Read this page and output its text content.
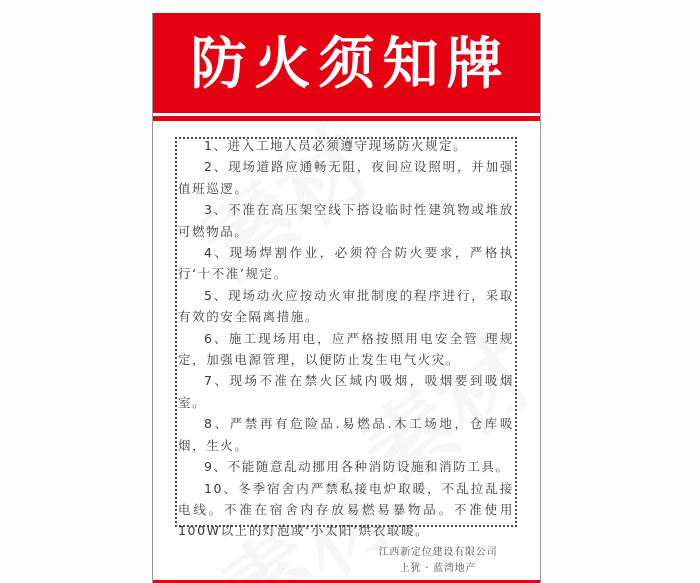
防火须知牌

1、进入工地人员必须遵守现场防火规定。

2、现场道路应通畅无阻，夜间应设照明，并加强值班巡逻。

3、不准在高压架空线下搭设临时性建筑物或堆放可燃物品。

4、现场焊割作业，必须符合防火要求，严格执行‘十不准’规定。

5、现场动火应按动火审批制度的程序进行，采取有效的安全隔离措施。

6、施工现场用电，应严格按照用电安全管 理规定，加强电源管理，以便防止发生电气火灾。

7、现场不准在禁火区域内吸烟，吸烟要到吸烟室。

8、严禁再有危险品.易燃品.木工场地，仓库吸烟，生火。

9、不能随意乱动挪用各种消防设施和消防工具。

10、冬季宿舍内严禁私接电炉取暖，不乱拉乱接电线。不准在宿舍内存放易燃易暴物品。不准使用100W以上的灯泡或‘小太阳’烘衣取暖。

江西新定位建设有限公司
上犹 · 蓝湾地产
